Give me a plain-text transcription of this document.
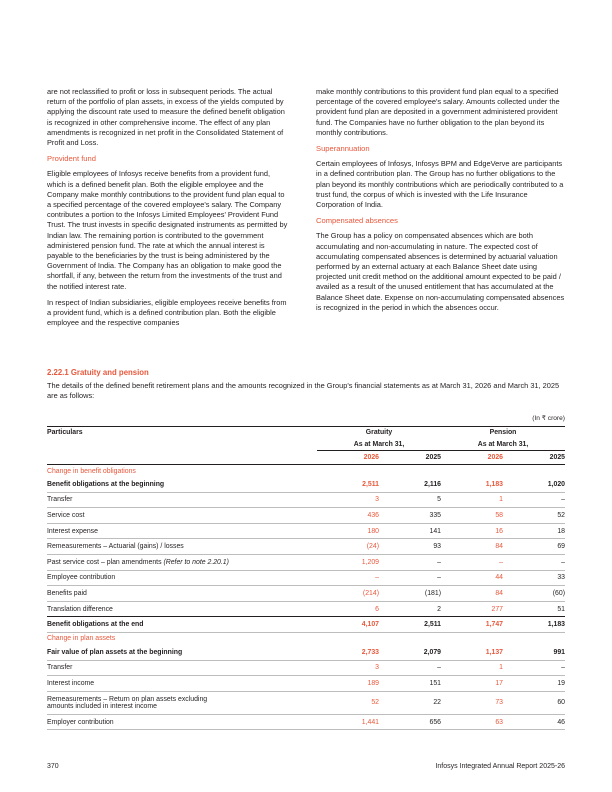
are not reclassified to profit or loss in subsequent periods. The actual return of the portfolio of plan assets, in excess of the yields computed by applying the discount rate used to measure the defined benefit obligation is recognized in other comprehensive income. The effect of any plan amendments is recognized in net profit in the Consolidated Statement of Profit and Loss.

Provident fund

Eligible employees of Infosys receive benefits from a provident fund, which is a defined benefit plan. Both the eligible employee and the Company make monthly contributions to the provident fund plan equal to a specified percentage of the covered employee's salary. The Company contributes a portion to the Infosys Limited Employees' Provident Fund Trust. The trust invests in specific designated instruments as permitted by Indian law. The remaining portion is contributed to the government administered pension fund. The rate at which the annual interest is payable to the beneficiaries by the trust is being administered by the Government of India. The Company has an obligation to make good the shortfall, if any, between the return from the investments of the trust and the notified interest rate.

In respect of Indian subsidiaries, eligible employees receive benefits from a provident fund, which is a defined contribution plan. Both the eligible employee and the respective companies

make monthly contributions to this provident fund plan equal to a specified percentage of the covered employee's salary. Amounts collected under the provident fund plan are deposited in a government administered provident fund. The Companies have no further obligation to the plan beyond its monthly contributions.

Superannuation

Certain employees of Infosys, Infosys BPM and EdgeVerve are participants in a defined contribution plan. The Group has no further obligations to the plan beyond its monthly contributions which are periodically contributed to a trust fund, the corpus of which is invested with the Life Insurance Corporation of India.

Compensated absences

The Group has a policy on compensated absences which are both accumulating and non-accumulating in nature. The expected cost of accumulating compensated absences is determined by actuarial valuation performed by an external actuary at each Balance Sheet date using projected unit credit method on the additional amount expected to be paid / availed as a result of the unused entitlement that has accumulated at the Balance Sheet date. Expense on non-accumulating compensated absences is recognized in the period in which the absences occur.

2.22.1 Gratuity and pension
The details of the defined benefit retirement plans and the amounts recognized in the Group's financial statements as at March 31, 2026 and March 31, 2025 are as follows:
(In ₹ crore)
Particulars	Gratuity		Pension	
	As at March 31,		As at March 31,	
	2026	2025	2026	2025
Change in benefit obligations				
Benefit obligations at the beginning	2,511	2,116	1,183	1,020
Transfer	3	5	1	–
Service cost	436	335	58	52
Interest expense	180	141	16	18
Remeasurements – Actuarial (gains) / losses	(24)	93	84	69
Past service cost – plan amendments (Refer to note 2.20.1)	1,209	–	–	–
Employee contribution	–	–	44	33
Benefits paid	(214)	(181)	84	(60)
Translation difference	6	2	277	51
Benefit obligations at the end	4,107	2,511	1,747	1,183
Change in plan assets				
Fair value of plan assets at the beginning	2,733	2,079	1,137	991
Transfer	3	–	1	–
Interest income	189	151	17	19
Remeasurements – Return on plan assets excluding
amounts included in interest income	52	22	73	60
Employer contribution	1,441	656	63	46
370	Infosys Integrated Annual Report 2025-26
